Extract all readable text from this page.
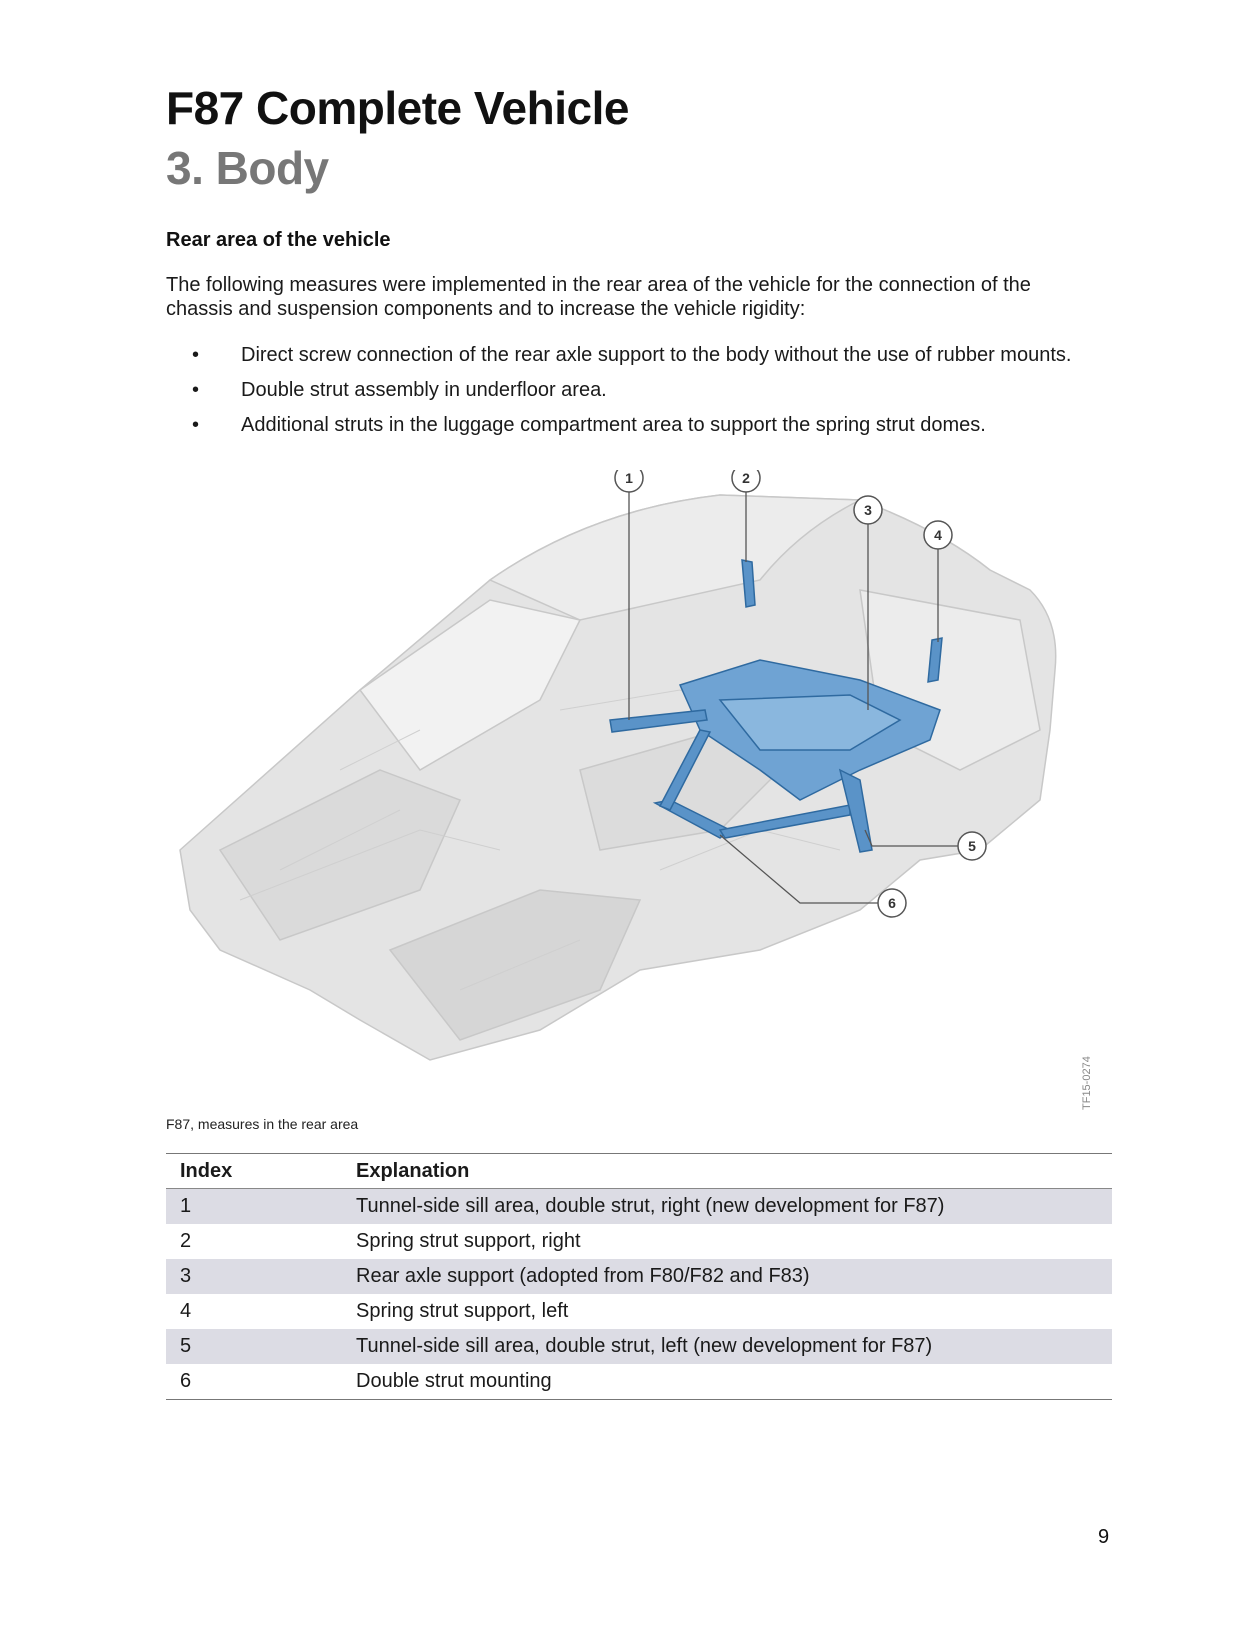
F87 Complete Vehicle
3. Body
Rear area of the vehicle
The following measures were implemented in the rear area of the vehicle for the connection of the chassis and suspension components and to increase the vehicle rigidity:
• Direct screw connection of the rear axle support to the body without the use of rubber mounts.
• Double strut assembly in underfloor area.
• Additional struts in the luggage compartment area to support the spring strut domes.
1	2
3
4
5
6
TF15-0274
F87, measures in the rear area
Index	Explanation
1	Tunnel-side sill area, double strut, right (new development for F87)
2	Spring strut support, right
3	Rear axle support (adopted from F80/F82 and F83)
4	Spring strut support, left
5	Tunnel-side sill area, double strut, left (new development for F87)
6	Double strut mounting
9
